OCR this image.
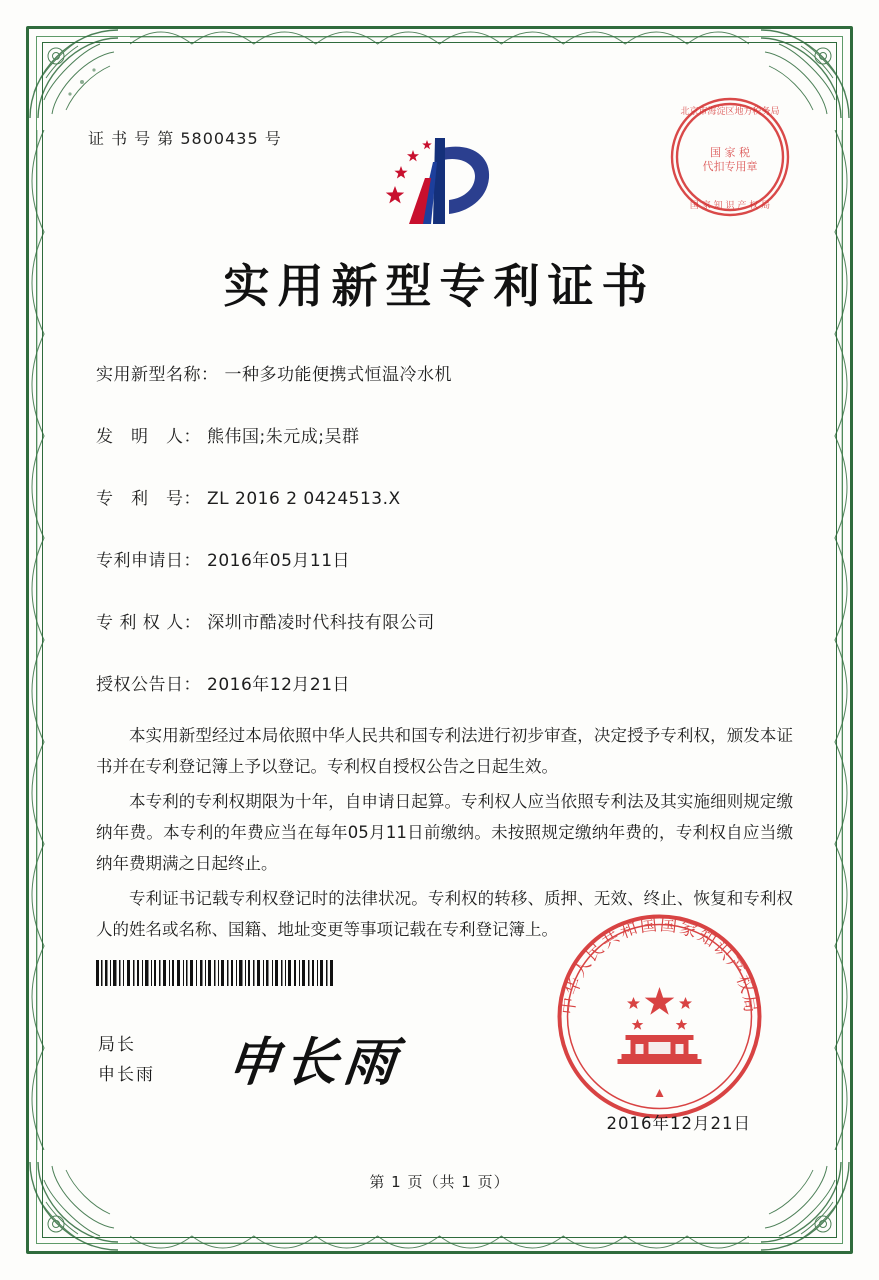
证 书 号 第 5800435 号
北京市海淀区地方税务局
国 家 税
代扣专用章
国 家 知 识 产 权 局
实用新型专利证书
实用新型名称： 一种多功能便携式恒温冷水机
发　明　人： 熊伟国;朱元成;吴群
专　利　号： ZL 2016 2 0424513.X
专利申请日： 2016年05月11日
专 利 权 人： 深圳市酷凌时代科技有限公司
授权公告日： 2016年12月21日

本实用新型经过本局依照中华人民共和国专利法进行初步审查，决定授予专利权，颁发本证书并在专利登记簿上予以登记。专利权自授权公告之日起生效。

本专利的专利权期限为十年，自申请日起算。专利权人应当依照专利法及其实施细则规定缴纳年费。本专利的年费应当在每年05月11日前缴纳。未按照规定缴纳年费的，专利权自应当缴纳年费期满之日起终止。

专利证书记载专利权登记时的法律状况。专利权的转移、质押、无效、终止、恢复和专利权人的姓名或名称、国籍、地址变更等事项记载在专利登记簿上。

局长
申长雨 申长雨
中华人民共和国国家知识产权局
2016年12月21日
第 1 页（共 1 页）
